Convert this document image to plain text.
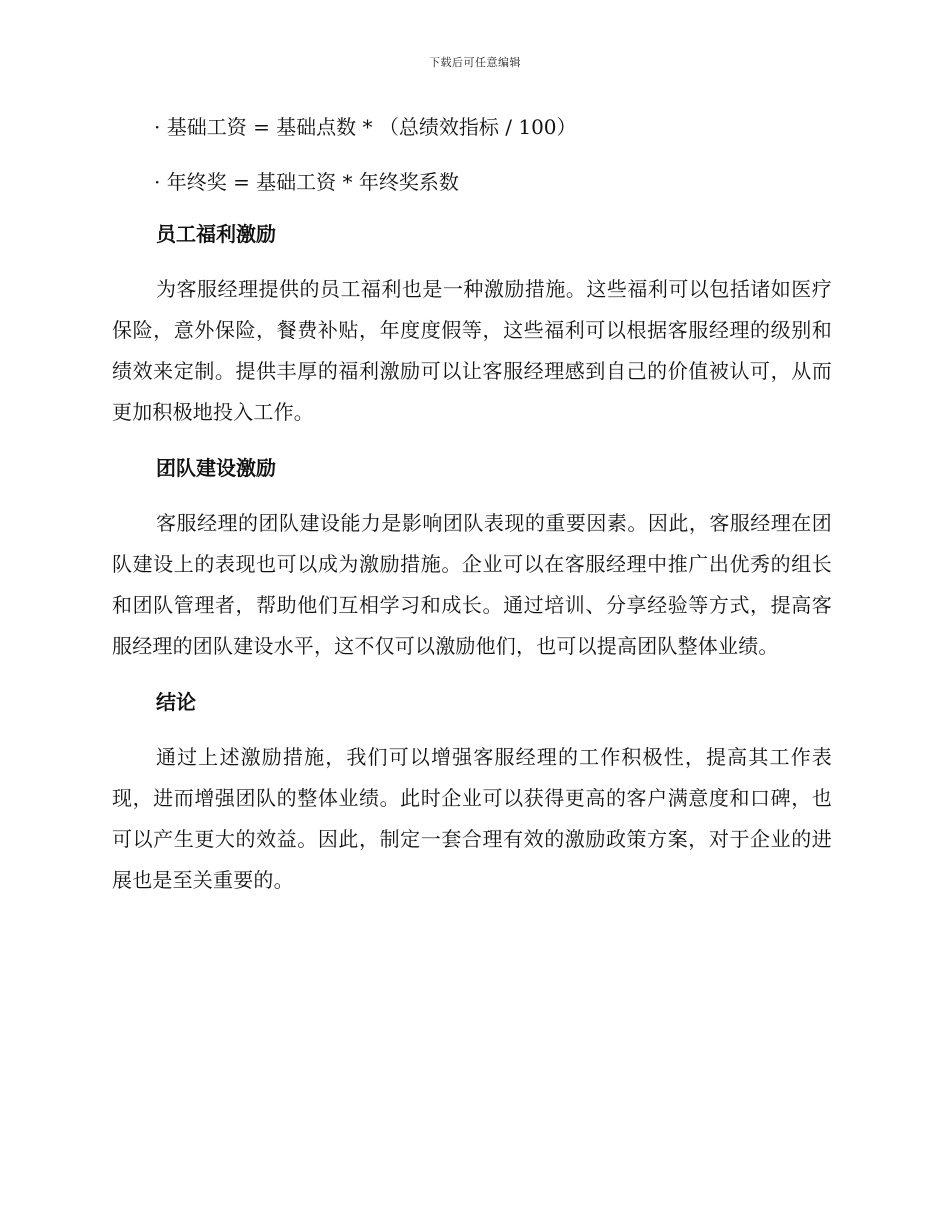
下载后可任意编辑

· 基础工资 = 基础点数 * （总绩效指标 / 100）

· 年终奖 = 基础工资 * 年终奖系数

员工福利激励

为客服经理提供的员工福利也是一种激励措施。这些福利可以包括诸如医疗保险，意外保险，餐费补贴，年度度假等，这些福利可以根据客服经理的级别和绩效来定制。提供丰厚的福利激励可以让客服经理感到自己的价值被认可，从而更加积极地投入工作。

团队建设激励

客服经理的团队建设能力是影响团队表现的重要因素。因此，客服经理在团队建设上的表现也可以成为激励措施。企业可以在客服经理中推广出优秀的组长和团队管理者，帮助他们互相学习和成长。通过培训、分享经验等方式，提高客服经理的团队建设水平，这不仅可以激励他们，也可以提高团队整体业绩。

结论

通过上述激励措施，我们可以增强客服经理的工作积极性，提高其工作表现，进而增强团队的整体业绩。此时企业可以获得更高的客户满意度和口碑，也可以产生更大的效益。因此，制定一套合理有效的激励政策方案，对于企业的进展也是至关重要的。
